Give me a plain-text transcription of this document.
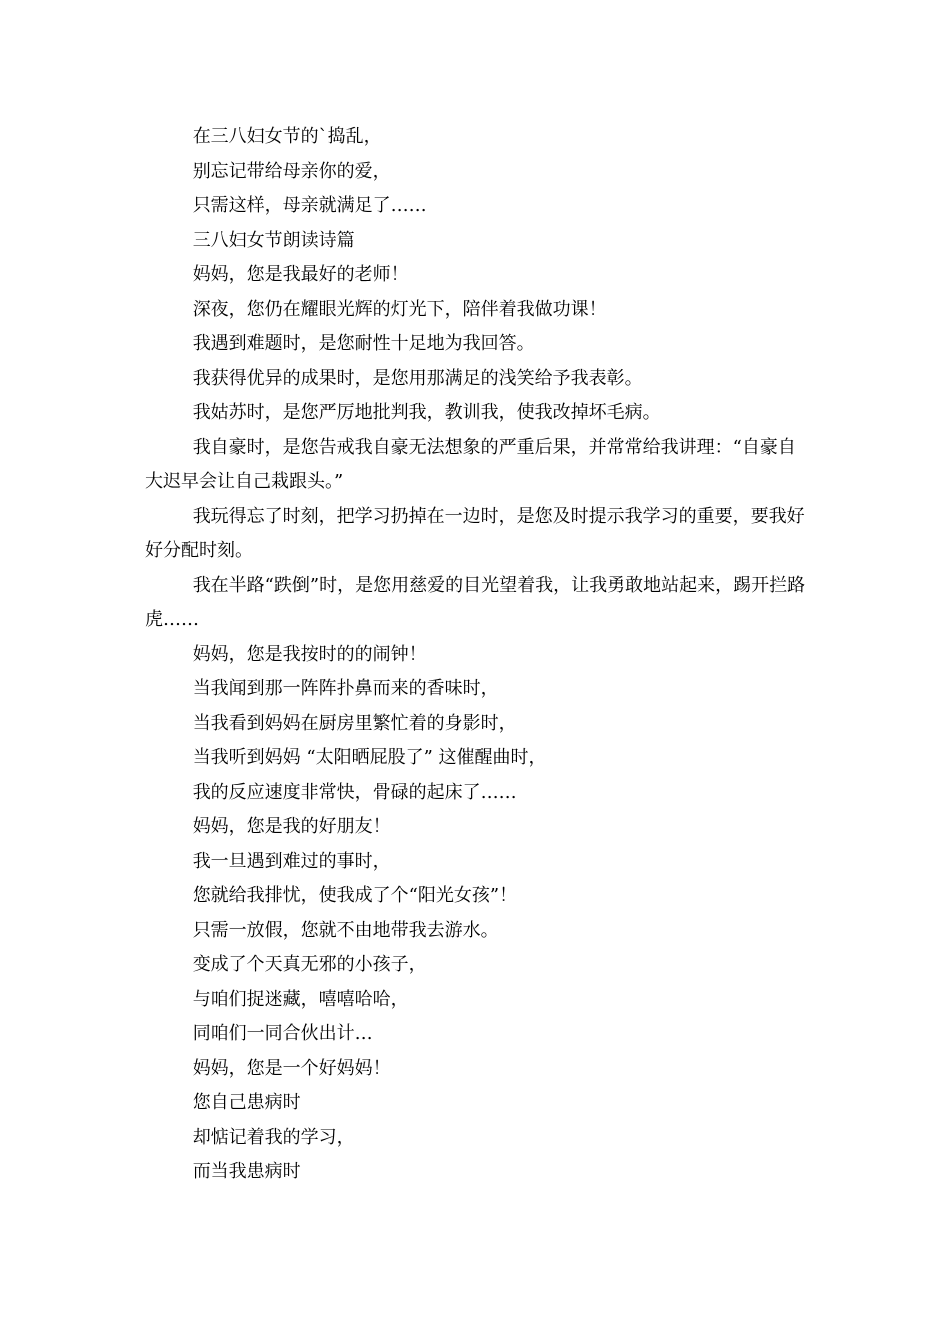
在三八妇女节的`捣乱，

别忘记带给母亲你的爱，

只需这样，母亲就满足了……

三八妇女节朗读诗篇

妈妈，您是我最好的老师！

深夜，您仍在耀眼光辉的灯光下，陪伴着我做功课！

我遇到难题时，是您耐性十足地为我回答。

我获得优异的成果时，是您用那满足的浅笑给予我表彰。

我姑苏时，是您严厉地批判我，教训我，使我改掉坏毛病。

我自豪时，是您告戒我自豪无法想象的严重后果，并常常给我讲理：“自豪自大迟早会让自己栽跟头。”

我玩得忘了时刻，把学习扔掉在一边时，是您及时提示我学习的重要，要我好好分配时刻。

我在半路“跌倒”时，是您用慈爱的目光望着我，让我勇敢地站起来，踢开拦路虎……

妈妈，您是我按时的的闹钟！

当我闻到那一阵阵扑鼻而来的香味时，

当我看到妈妈在厨房里繁忙着的身影时，

当我听到妈妈 “太阳晒屁股了” 这催醒曲时，

我的反应速度非常快，骨碌的起床了……

妈妈，您是我的好朋友！

我一旦遇到难过的事时，

您就给我排忧，使我成了个“阳光女孩”！

只需一放假，您就不由地带我去游水。

变成了个天真无邪的小孩子，

与咱们捉迷藏，嘻嘻哈哈，

同咱们一同合伙出计…

妈妈，您是一个好妈妈！

您自己患病时

却惦记着我的学习，

而当我患病时
